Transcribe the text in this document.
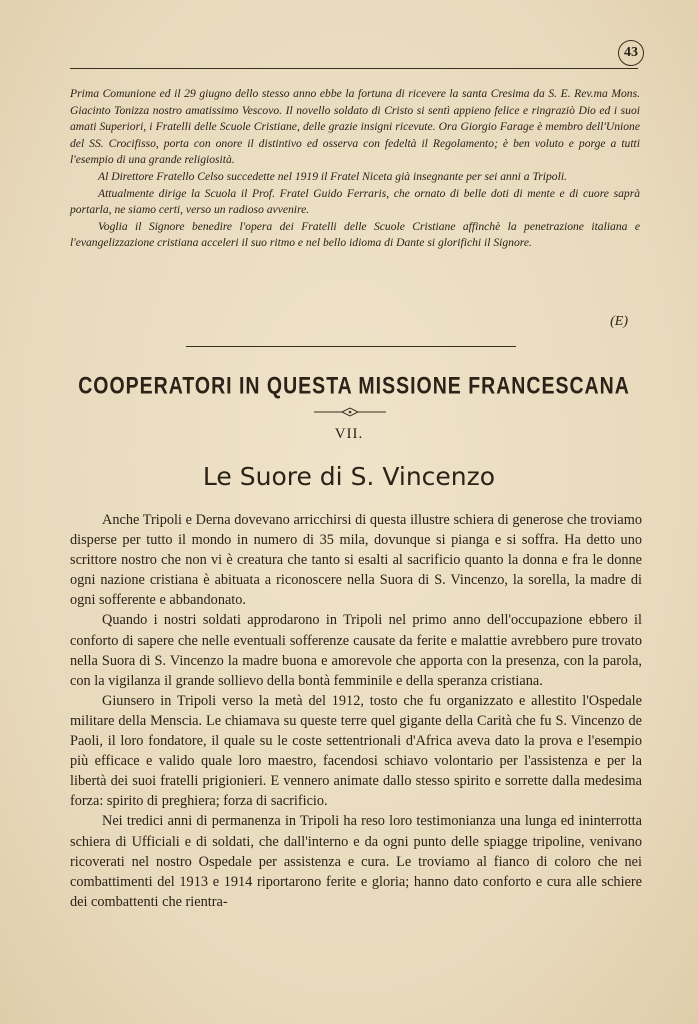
43

Prima Comunione ed il 29 giugno dello stesso anno ebbe la fortuna di ricevere la santa Cresima da S. E. Rev.ma Mons. Giacinto Tonizza nostro amatissimo Vescovo. Il novello soldato di Cristo si sentì appieno felice e ringraziò Dio ed i suoi amati Superiori, i Fratelli delle Scuole Cristiane, delle grazie insigni ricevute. Ora Giorgio Farage è membro dell'Unione del SS. Crocifisso, porta con onore il distintivo ed osserva con fedeltà il Regolamento; è ben voluto e porge a tutti l'esempio di una grande religiosità.

Al Direttore Fratello Celso succedette nel 1919 il Fratel Niceta già insegnante per sei anni a Tripoli.

Attualmente dirige la Scuola il Prof. Fratel Guido Ferraris, che ornato di belle doti di mente e di cuore saprà portarla, ne siamo certi, verso un radioso avvenire.

Voglia il Signore benedire l'opera dei Fratelli delle Scuole Cristiane affinchè la penetrazione italiana e l'evangelizzazione cristiana acceleri il suo ritmo e nel bello idioma di Dante si glorifichi il Signore.

(E)
COOPERATORI IN QUESTA MISSIONE FRANCESCANA
VII.
Le Suore di S. Vincenzo

Anche Tripoli e Derna dovevano arricchirsi di questa illustre schiera di generose che troviamo disperse per tutto il mondo in numero di 35 mila, dovunque si pianga e si soffra. Ha detto uno scrittore nostro che non vi è creatura che tanto si esalti al sacrificio quanto la donna e fra le donne ogni nazione cristiana è abituata a riconoscere nella Suora di S. Vincenzo, la sorella, la madre di ogni sofferente e abbandonato.

Quando i nostri soldati approdarono in Tripoli nel primo anno dell'occupazione ebbero il conforto di sapere che nelle eventuali sofferenze causate da ferite e malattie avrebbero pure trovato nella Suora di S. Vincenzo la madre buona e amorevole che apporta con la presenza, con la parola, con la vigilanza il grande sollievo della bontà femminile e della speranza cristiana.

Giunsero in Tripoli verso la metà del 1912, tosto che fu organizzato e allestito l'Ospedale militare della Menscia. Le chiamava su queste terre quel gigante della Carità che fu S. Vincenzo de Paoli, il loro fondatore, il quale su le coste settentrionali d'Africa aveva dato la prova e l'esempio più efficace e valido quale loro maestro, facendosi schiavo volontario per l'assistenza e per la libertà dei suoi fratelli prigionieri. E vennero animate dallo stesso spirito e sorrette dalla medesima forza: spirito di preghiera; forza di sacrificio.

Nei tredici anni di permanenza in Tripoli ha reso loro testimonianza una lunga ed ininterrotta schiera di Ufficiali e di soldati, che dall'interno e da ogni punto delle spiagge tripoline, venivano ricoverati nel nostro Ospedale per assistenza e cura. Le troviamo al fianco di coloro che nei combattimenti del 1913 e 1914 riportarono ferite e gloria; hanno dato conforto e cura alle schiere dei combattenti che rientra-
